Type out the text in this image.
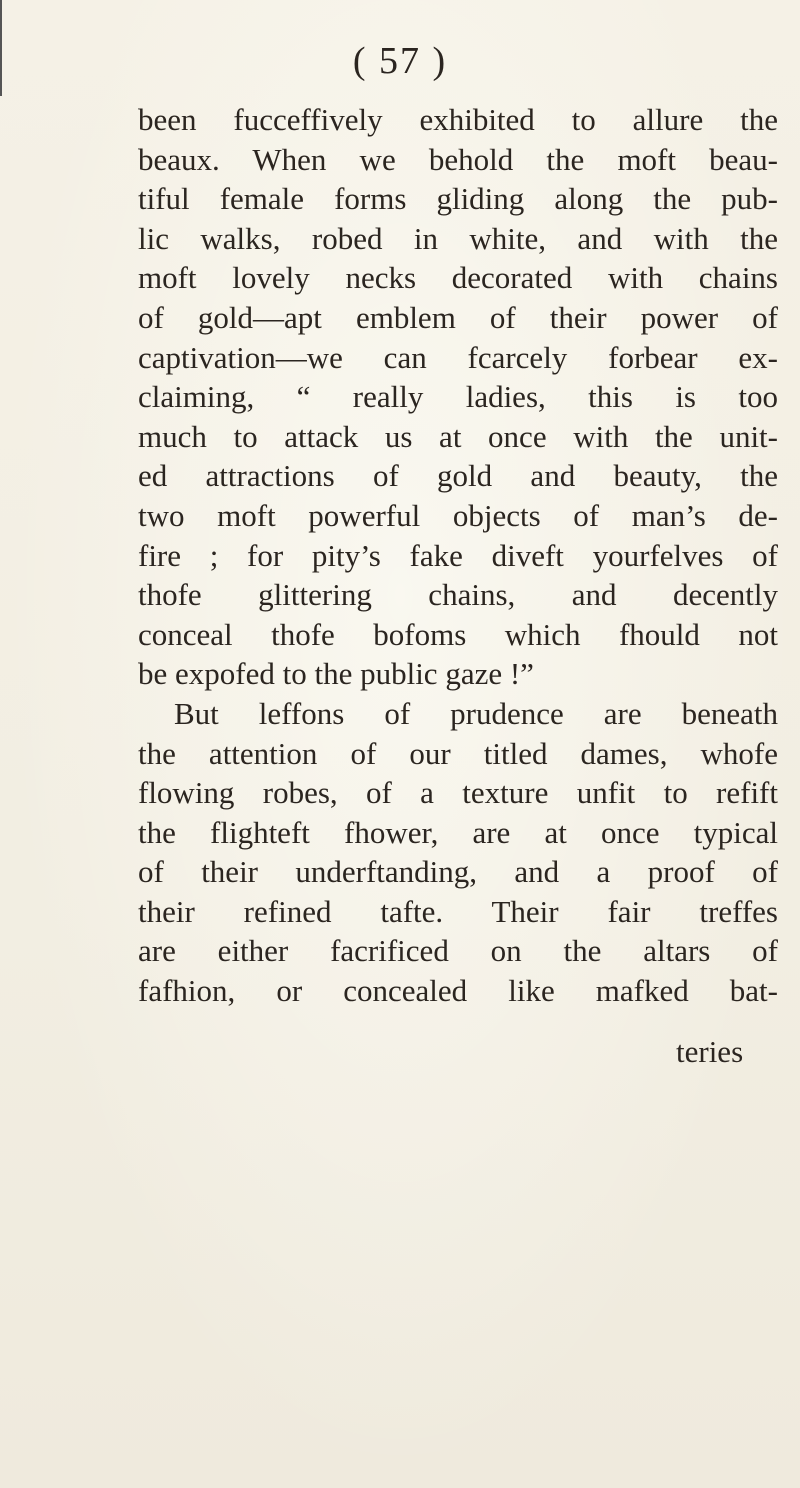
( 57 )
been fucceffively exhibited to allure the
beaux. When we behold the moft beau-
tiful female forms gliding along the pub-
lic walks, robed in white, and with the
moft lovely necks decorated with chains
of gold—apt emblem of their power of
captivation—we can fcarcely forbear ex-
claiming, “ really ladies, this is too
much to attack us at once with the unit-
ed attractions of gold and beauty, the
two moft powerful objects of man’s de-
fire ; for pity’s fake diveft yourfelves of
thofe glittering chains, and decently
conceal thofe bofoms which fhould not
be expofed to the public gaze !”
But leffons of prudence are beneath
the attention of our titled dames, whofe
flowing robes, of a texture unfit to refift
the flighteft fhower, are at once typical
of their underftanding, and a proof of
their refined tafte. Their fair treffes
are either facrificed on the altars of
fafhion, or concealed like mafked bat-
teries
